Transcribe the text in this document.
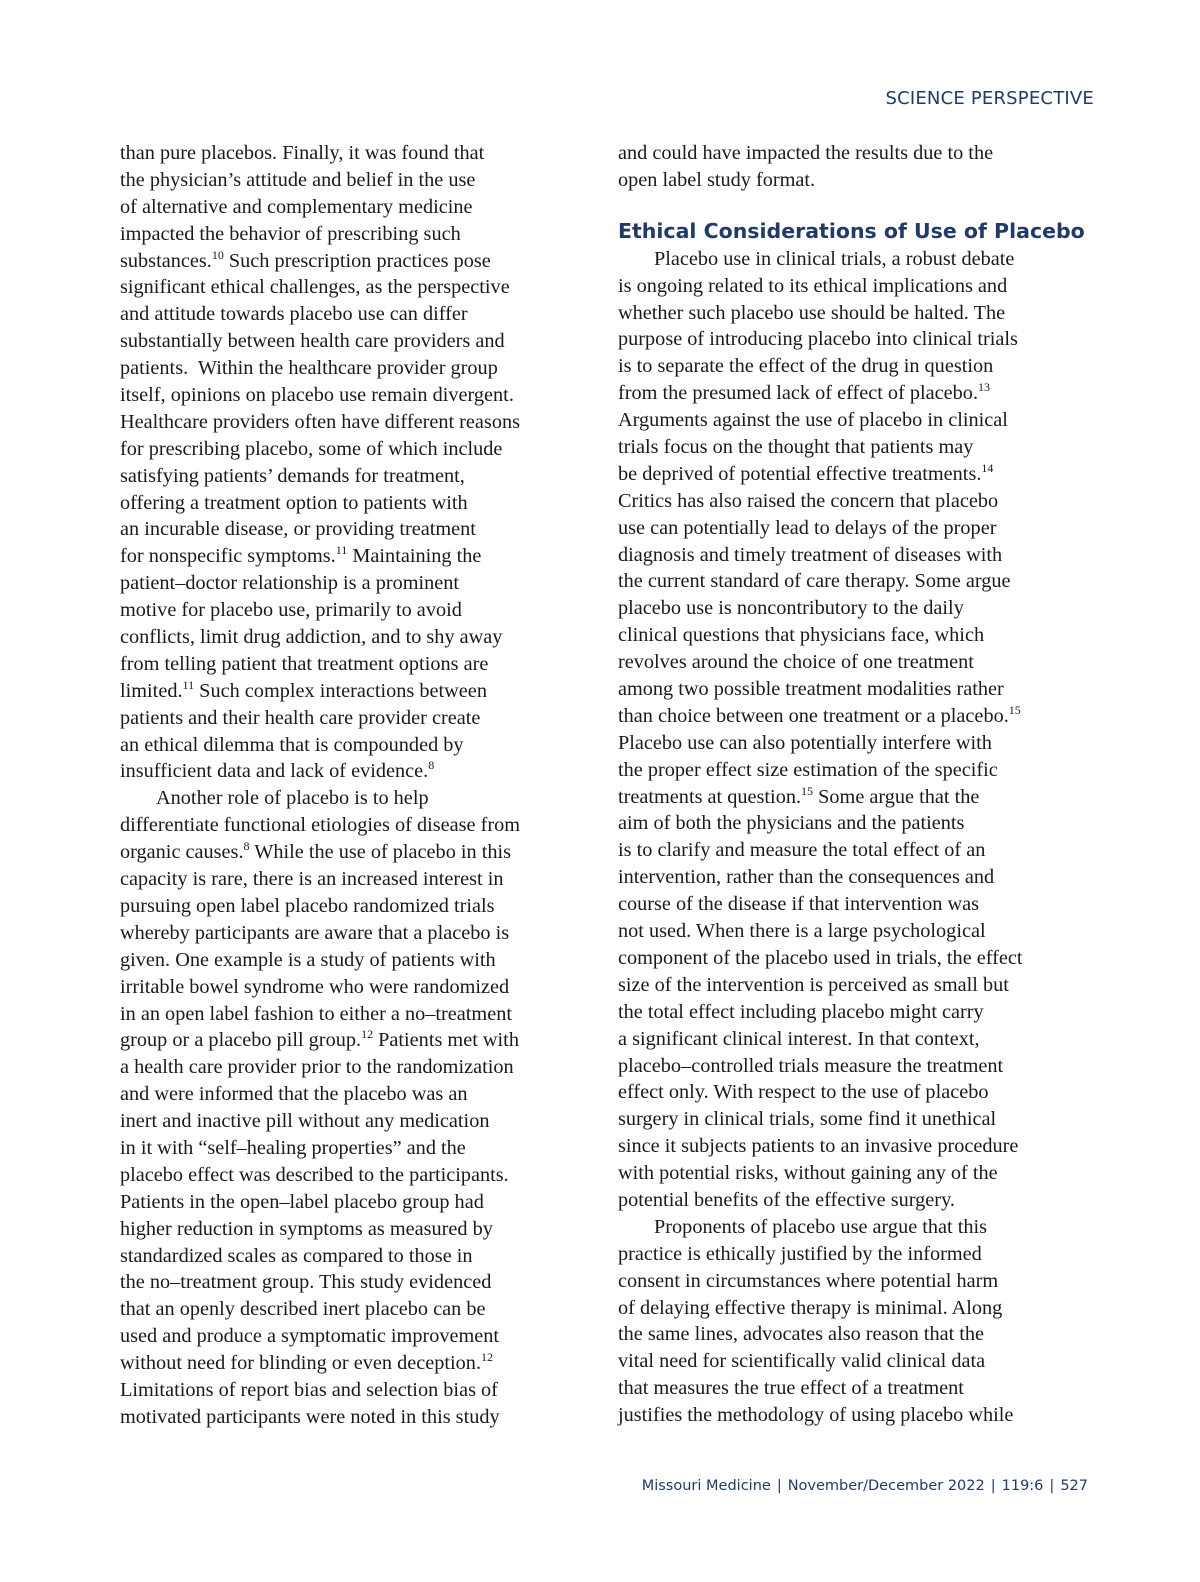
SCIENCE PERSPECTIVE
than pure placebos. Finally, it was found that
the physician’s attitude and belief in the use
of alternative and complementary medicine
impacted the behavior of prescribing such
substances.$^{10}$ Such prescription practices pose
significant ethical challenges, as the perspective
and attitude towards placebo use can differ
substantially between health care providers and
patients.  Within the healthcare provider group
itself, opinions on placebo use remain divergent.
Healthcare providers often have different reasons
for prescribing placebo, some of which include
satisfying patients’ demands for treatment,
offering a treatment option to patients with
an incurable disease, or providing treatment
for nonspecific symptoms.$^{11}$ Maintaining the
patient–doctor relationship is a prominent
motive for placebo use, primarily to avoid
conflicts, limit drug addiction, and to shy away
from telling patient that treatment options are
limited.$^{11}$ Such complex interactions between
patients and their health care provider create
an ethical dilemma that is compounded by
insufficient data and lack of evidence.$^8$
Another role of placebo is to help
differentiate functional etiologies of disease from
organic causes.$^8$ While the use of placebo in this
capacity is rare, there is an increased interest in
pursuing open label placebo randomized trials
whereby participants are aware that a placebo is
given. One example is a study of patients with
irritable bowel syndrome who were randomized
in an open label fashion to either a no–treatment
group or a placebo pill group.$^{12}$ Patients met with
a health care provider prior to the randomization
and were informed that the placebo was an
inert and inactive pill without any medication
in it with “self–healing properties” and the
placebo effect was described to the participants.
Patients in the open–label placebo group had
higher reduction in symptoms as measured by
standardized scales as compared to those in
the no–treatment group. This study evidenced
that an openly described inert placebo can be
used and produce a symptomatic improvement
without need for blinding or even deception.$^{12}$
Limitations of report bias and selection bias of
motivated participants were noted in this study
and could have impacted the results due to the
open label study format.
Ethical Considerations of Use of Placebo
Placebo use in clinical trials, a robust debate
is ongoing related to its ethical implications and
whether such placebo use should be halted. The
purpose of introducing placebo into clinical trials
is to separate the effect of the drug in question
from the presumed lack of effect of placebo.$^{13}$
Arguments against the use of placebo in clinical
trials focus on the thought that patients may
be deprived of potential effective treatments.$^{14}$
Critics has also raised the concern that placebo
use can potentially lead to delays of the proper
diagnosis and timely treatment of diseases with
the current standard of care therapy. Some argue
placebo use is noncontributory to the daily
clinical questions that physicians face, which
revolves around the choice of one treatment
among two possible treatment modalities rather
than choice between one treatment or a placebo.$^{15}$
Placebo use can also potentially interfere with
the proper effect size estimation of the specific
treatments at question.$^{15}$ Some argue that the
aim of both the physicians and the patients
is to clarify and measure the total effect of an
intervention, rather than the consequences and
course of the disease if that intervention was
not used. When there is a large psychological
component of the placebo used in trials, the effect
size of the intervention is perceived as small but
the total effect including placebo might carry
a significant clinical interest. In that context,
placebo–controlled trials measure the treatment
effect only. With respect to the use of placebo
surgery in clinical trials, some find it unethical
since it subjects patients to an invasive procedure
with potential risks, without gaining any of the
potential benefits of the effective surgery.
Proponents of placebo use argue that this
practice is ethically justified by the informed
consent in circumstances where potential harm
of delaying effective therapy is minimal. Along
the same lines, advocates also reason that the
vital need for scientifically valid clinical data
that measures the true effect of a treatment
justifies the methodology of using placebo while
Missouri Medicine | November/December 2022 | 119:6 | 527
